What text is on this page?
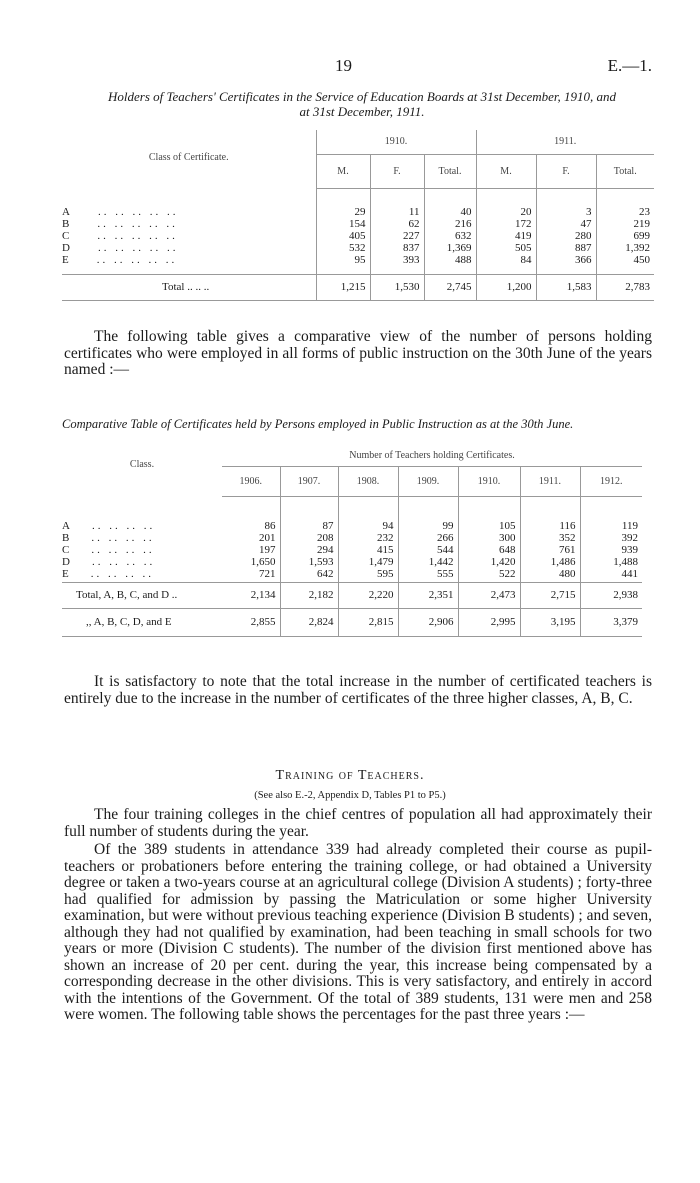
19	E.—1.
Holders of Teachers' Certificates in the Service of Education Boards at 31st December, 1910, and
at 31st December, 1911.
Class of Certificate.	1910.			1911.		
	M.	F.	Total.	M.	F.	Total.

A .. .. .. .. ..	29	11	40	20	3	23
B .. .. .. .. ..	154	62	216	172	47	219
C .. .. .. .. ..	405	227	632	419	280	699
D .. .. .. .. ..	532	837	1,369	505	887	1,392
E .. .. .. .. ..	95	393	488	84	366	450

Total .. .. ..	1,215	1,530	2,745	1,200	1,583	2,783

The following table gives a comparative view of the number of persons holding certificates who were employed in all forms of public instruction on the 30th June of the years named :—
Comparative Table of Certificates held by Persons employed in Public Instruction as at the 30th June.
Class.	Number of Teachers holding Certificates.						
	1906.	1907.	1908.	1909.	1910.	1911.	1912.

A .. .. .. ..	86	87	94	99	105	116	119
B .. .. .. ..	201	208	232	266	300	352	392
C .. .. .. ..	197	294	415	544	648	761	939
D .. .. .. ..	1,650	1,593	1,479	1,442	1,420	1,486	1,488
E .. .. .. ..	721	642	595	555	522	480	441
Total, A, B, C, and D ..	2,134	2,182	2,220	2,351	2,473	2,715	2,938
,, A, B, C, D, and E	2,855	2,824	2,815	2,906	2,995	3,195	3,379

It is satisfactory to note that the total increase in the number of certificated teachers is entirely due to the increase in the number of certificates of the three higher classes, A, B, C.
Training of Teachers.
(See also E.-2, Appendix D, Tables P1 to P5.)
The four training colleges in the chief centres of population all had approximately their full number of students during the year.
Of the 389 students in attendance 339 had already completed their course as pupil-teachers or probationers before entering the training college, or had obtained a University degree or taken a two-years course at an agricultural college (Division A students) ; forty-three had qualified for admission by passing the Matriculation or some higher University examination, but were without previous teaching experience (Division B students) ; and seven, although they had not qualified by examination, had been teaching in small schools for two years or more (Division C students). The number of the division first mentioned above has shown an increase of 20 per cent. during the year, this increase being compensated by a corresponding decrease in the other divisions. This is very satisfactory, and entirely in accord with the intentions of the Government. Of the total of 389 students, 131 were men and 258 were women. The following table shows the percentages for the past three years :—
